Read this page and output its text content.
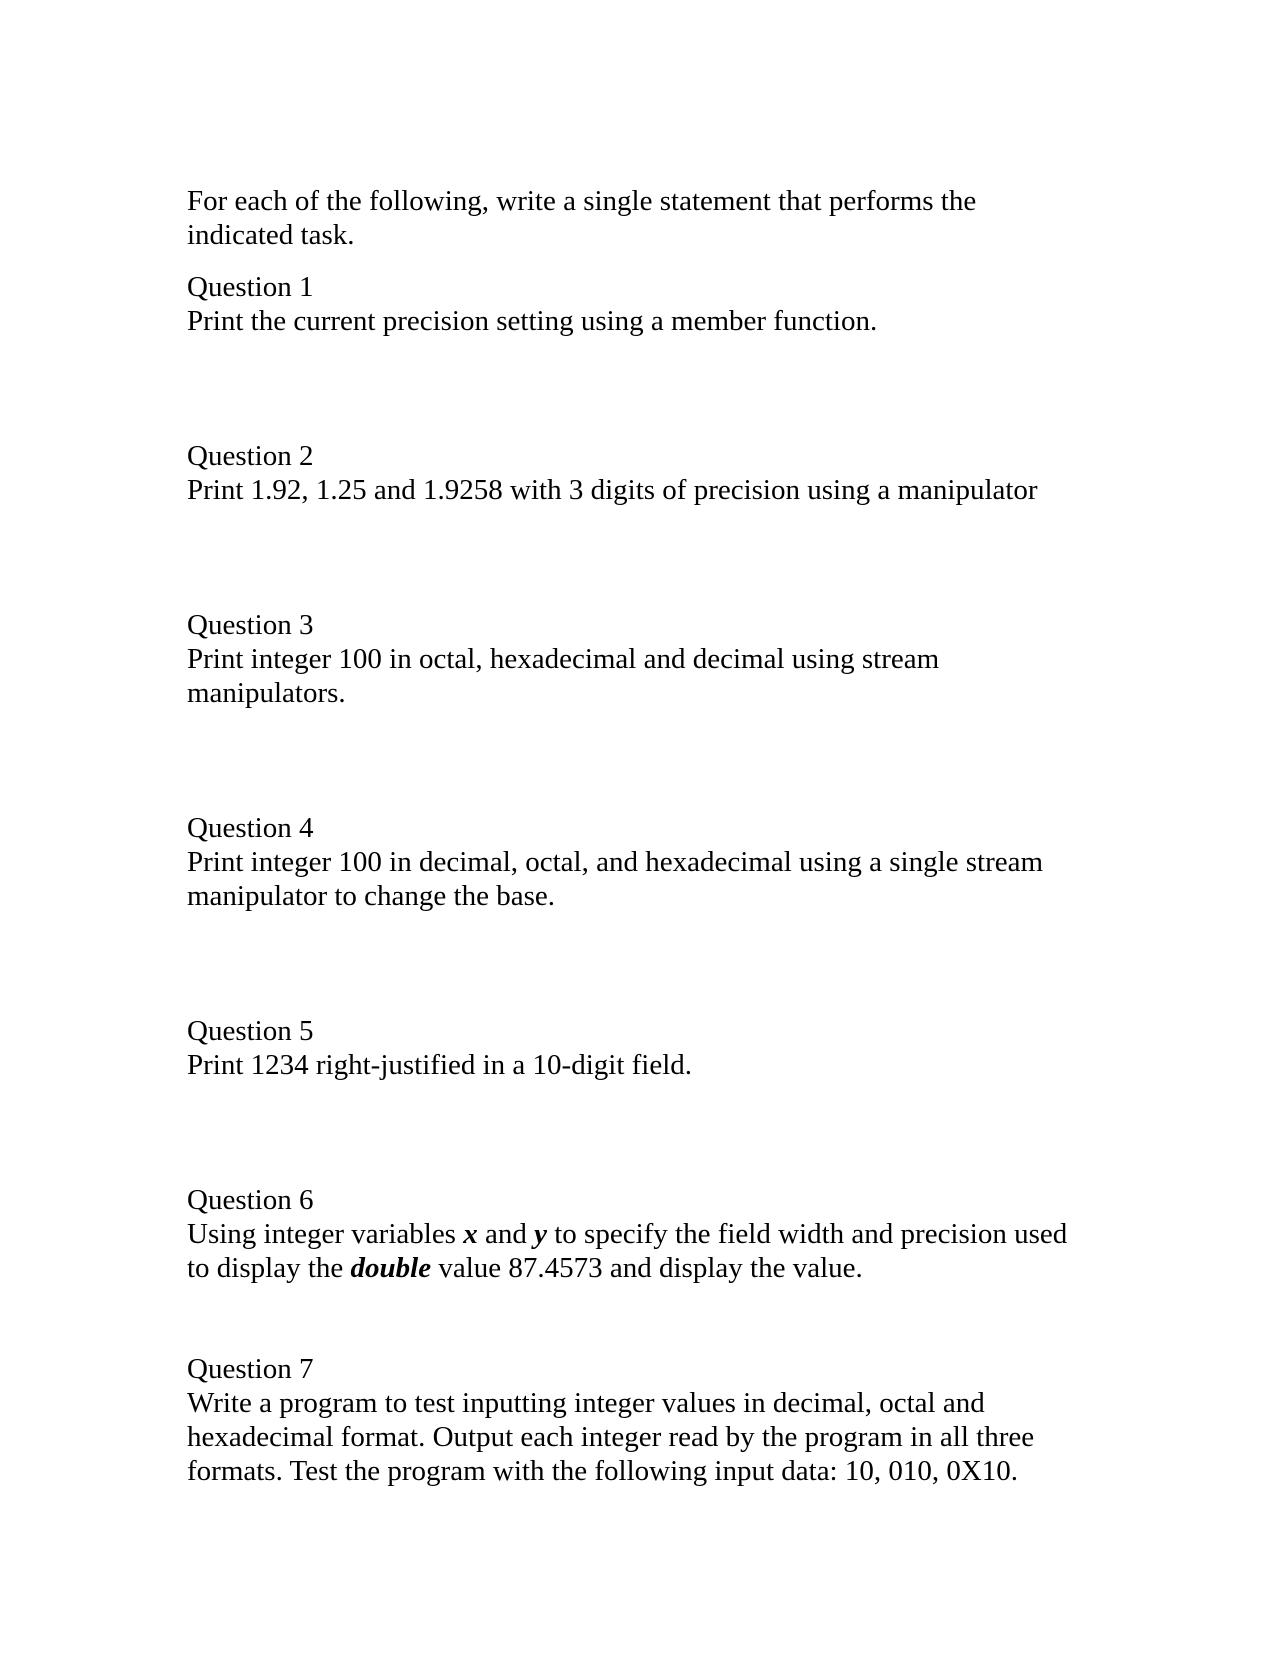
For each of the following, write a single statement that performs the indicated task.

Question 1
Print the current precision setting using a member function.
Question 2
Print 1.92, 1.25 and 1.9258 with 3 digits of precision using a manipulator
Question 3
Print integer 100 in octal, hexadecimal and decimal using stream manipulators.
Question 4
Print integer 100 in decimal, octal, and hexadecimal using a single stream manipulator to change the base.
Question 5
Print 1234 right-justified in a 10-digit field.
Question 6
Using integer variables x and y to specify the field width and precision used to display the double value 87.4573 and display the value.
Question 7
Write a program to test inputting integer values in decimal, octal and hexadecimal format. Output each integer read by the program in all three formats. Test the program with the following input data: 10, 010, 0X10.
